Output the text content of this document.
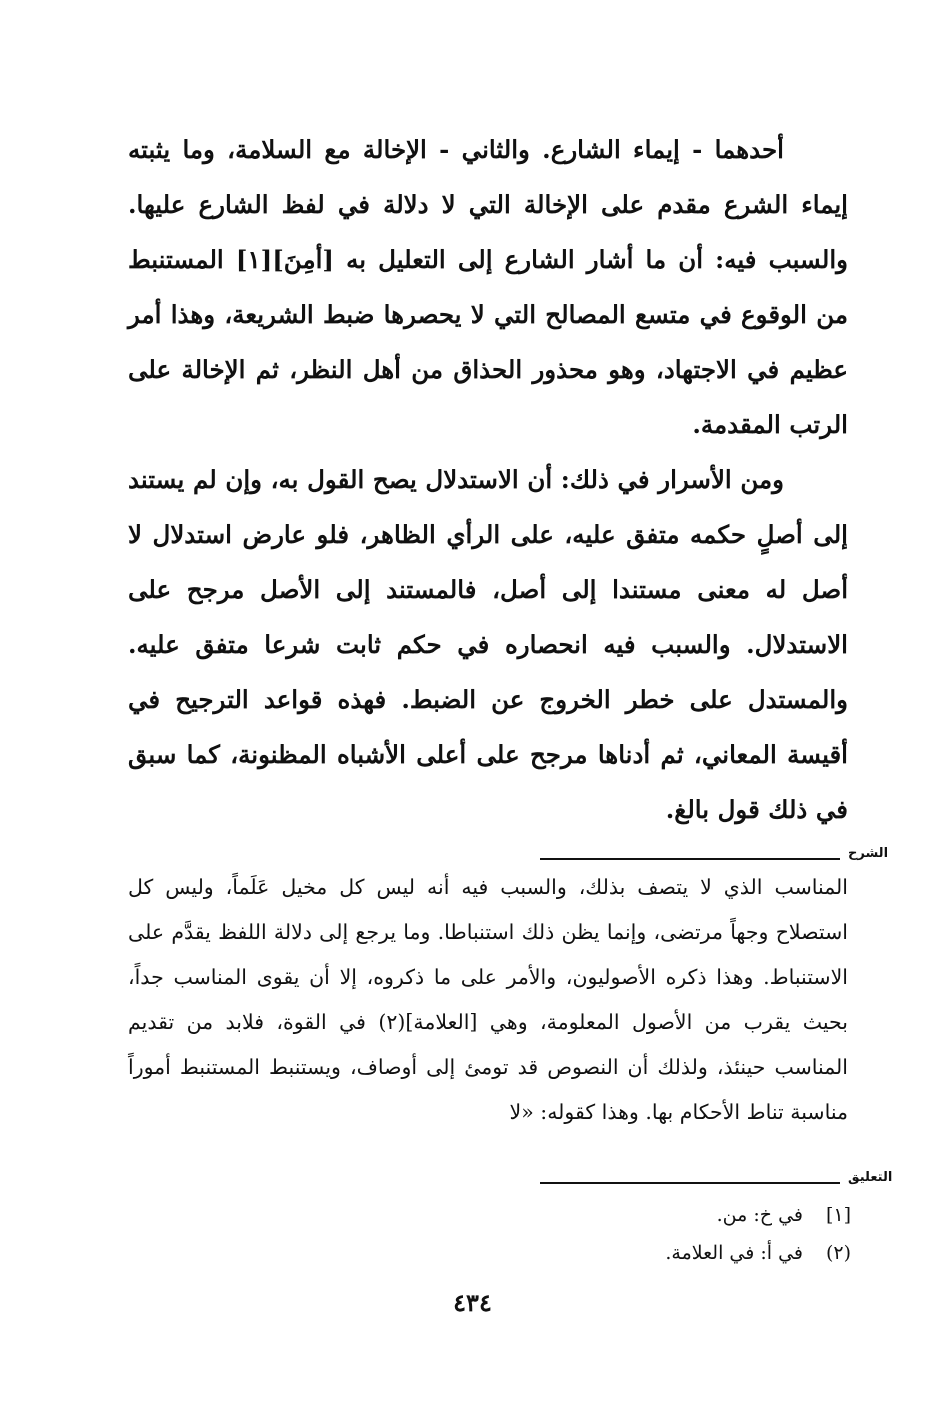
أحدهما - إيماء الشارع. والثاني - الإخالة مع السلامة، وما يثبته إيماء الشرع مقدم على الإخالة التي لا دلالة في لفظ الشارع عليها. والسبب فيه: أن ما أشار الشارع إلى التعليل به [أمِنَ][١] المستنبط من الوقوع في متسع المصالح التي لا يحصرها ضبط الشريعة، وهذا أمر عظيم في الاجتهاد، وهو محذور الحذاق من أهل النظر، ثم الإخالة على الرتب المقدمة.

ومن الأسرار في ذلك: أن الاستدلال يصح القول به، وإن لم يستند إلى أصلٍ حكمه متفق عليه، على الرأي الظاهر، فلو عارض استدلال لا أصل له معنى مستندا إلى أصل، فالمستند إلى الأصل مرجح على الاستدلال. والسبب فيه انحصاره في حكم ثابت شرعا متفق عليه. والمستدل على خطر الخروج عن الضبط. فهذه قواعد الترجيح في أقيسة المعاني، ثم أدناها مرجح على أعلى الأشباه المظنونة، كما سبق في ذلك قول بالغ.

الشرح

المناسب الذي لا يتصف بذلك، والسبب فيه أنه ليس كل مخيل عَلَماً، وليس كل استصلاح وجهاً مرتضى، وإنما يظن ذلك استنباطا. وما يرجع إلى دلالة اللفظ يقدَّم على الاستنباط. وهذا ذكره الأصوليون، والأمر على ما ذكروه، إلا أن يقوى المناسب جداً، بحيث يقرب من الأصول المعلومة، وهي [العلامة](٢) في القوة، فلابد من تقديم المناسب حينئذ، ولذلك أن النصوص قد تومئ إلى أوصاف، ويستنبط المستنبط أموراً مناسبة تناط الأحكام بها. وهذا كقوله: «لا

التعليق
[١]
في خ: من.
(٢)
في أ: في العلامة.
٤٣٤
